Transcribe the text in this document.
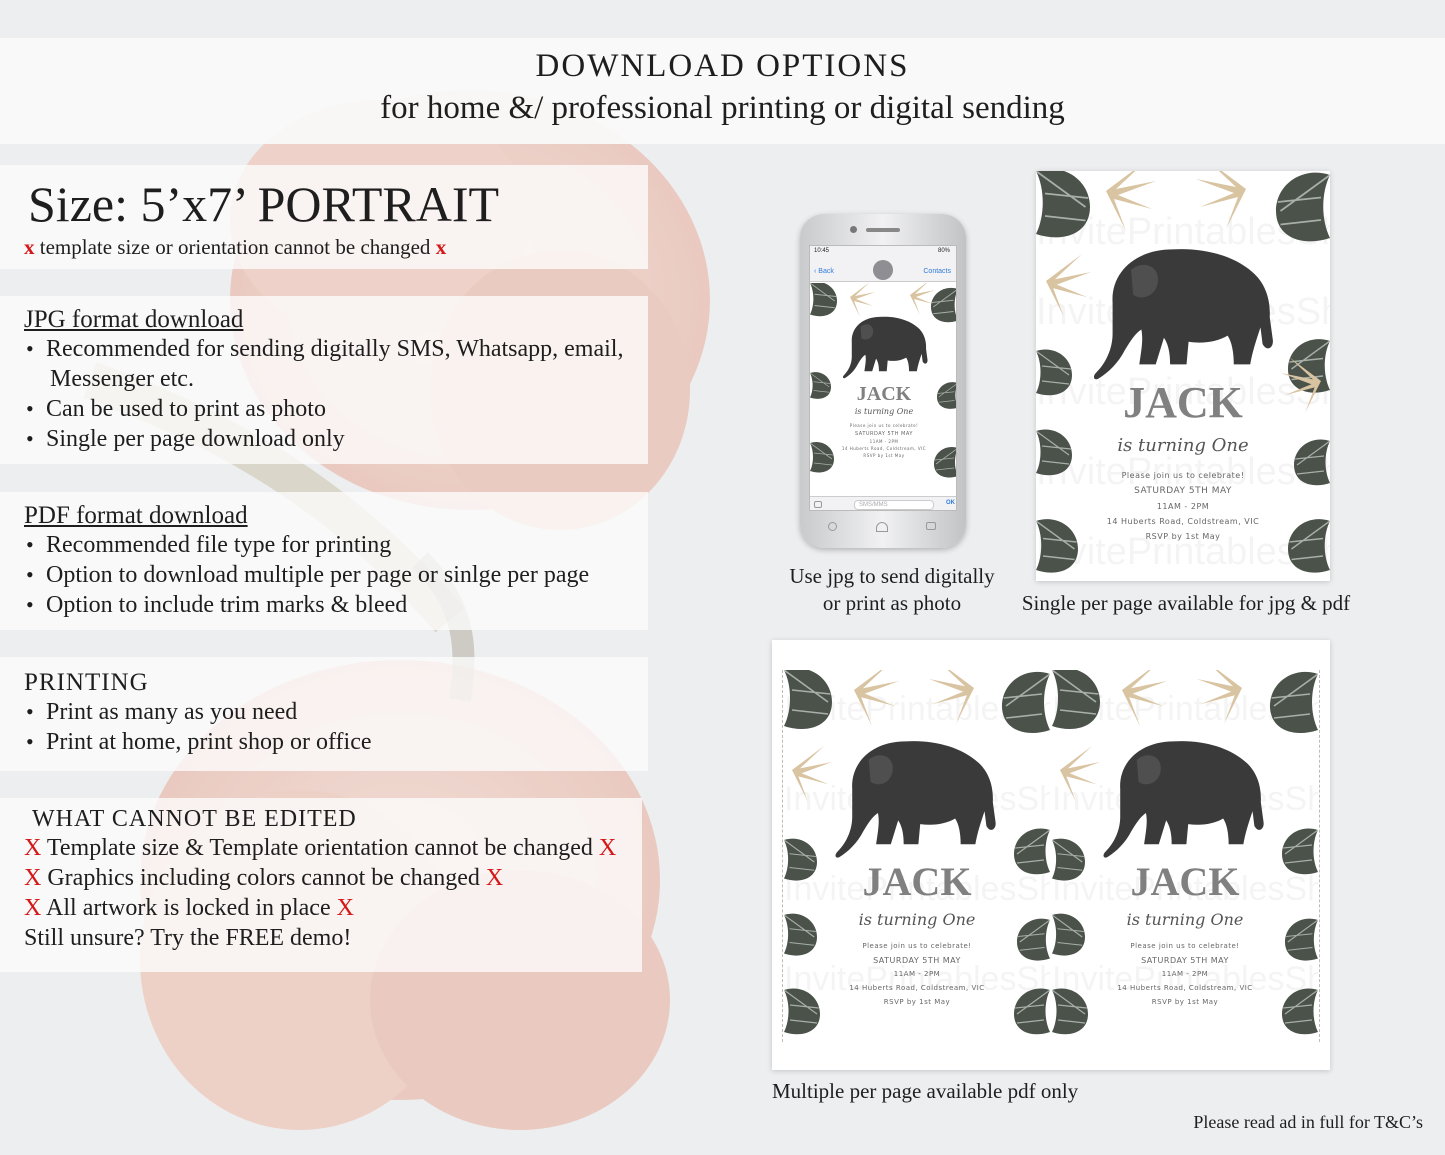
DOWNLOAD OPTIONS
for home &/ professional printing or digital sending
Size: 5’x7’ PORTRAIT
x template size or orientation cannot be changed x
JPG format download
• Recommended for sending digitally SMS, Whatsapp, email,
Messenger etc.
• Can be used to print as photo
• Single per page download only
PDF format download
• Recommended file type for printing
• Option to download multiple per page or sinlge per page
• Option to include trim marks & bleed
PRINTING
• Print as many as you need
• Print at home, print shop or office
WHAT CANNOT BE EDITED
X Template size & Template orientation cannot be changed X
X Graphics including colors cannot be changed X
X All artwork is locked in place X
Still unsure? Try the FREE demo!
10:45	80%
‹ Back	Contacts
JACK
is turning One
Please join us to celebrate!
SATURDAY 5TH MAY
11AM - 2PM
14 Huberts Road, Coldstream, VIC
RSVP by 1st May
SMS/MMS	OK
Use jpg to send digitally
or print as photo
JACK
is turning One
Please join us to celebrate!
SATURDAY 5TH MAY
11AM - 2PM
14 Huberts Road, Coldstream, VIC
RSVP by 1st May
Single per page available for jpg & pdf
JACK
is turning One
Please join us to celebrate!
SATURDAY 5TH MAY
11AM - 2PM
14 Huberts Road, Coldstream, VIC
RSVP by 1st May
JACK
is turning One
Please join us to celebrate!
SATURDAY 5TH MAY
11AM - 2PM
14 Huberts Road, Coldstream, VIC
RSVP by 1st May
Multiple per page available pdf only
Please read ad in full for T&C’s
